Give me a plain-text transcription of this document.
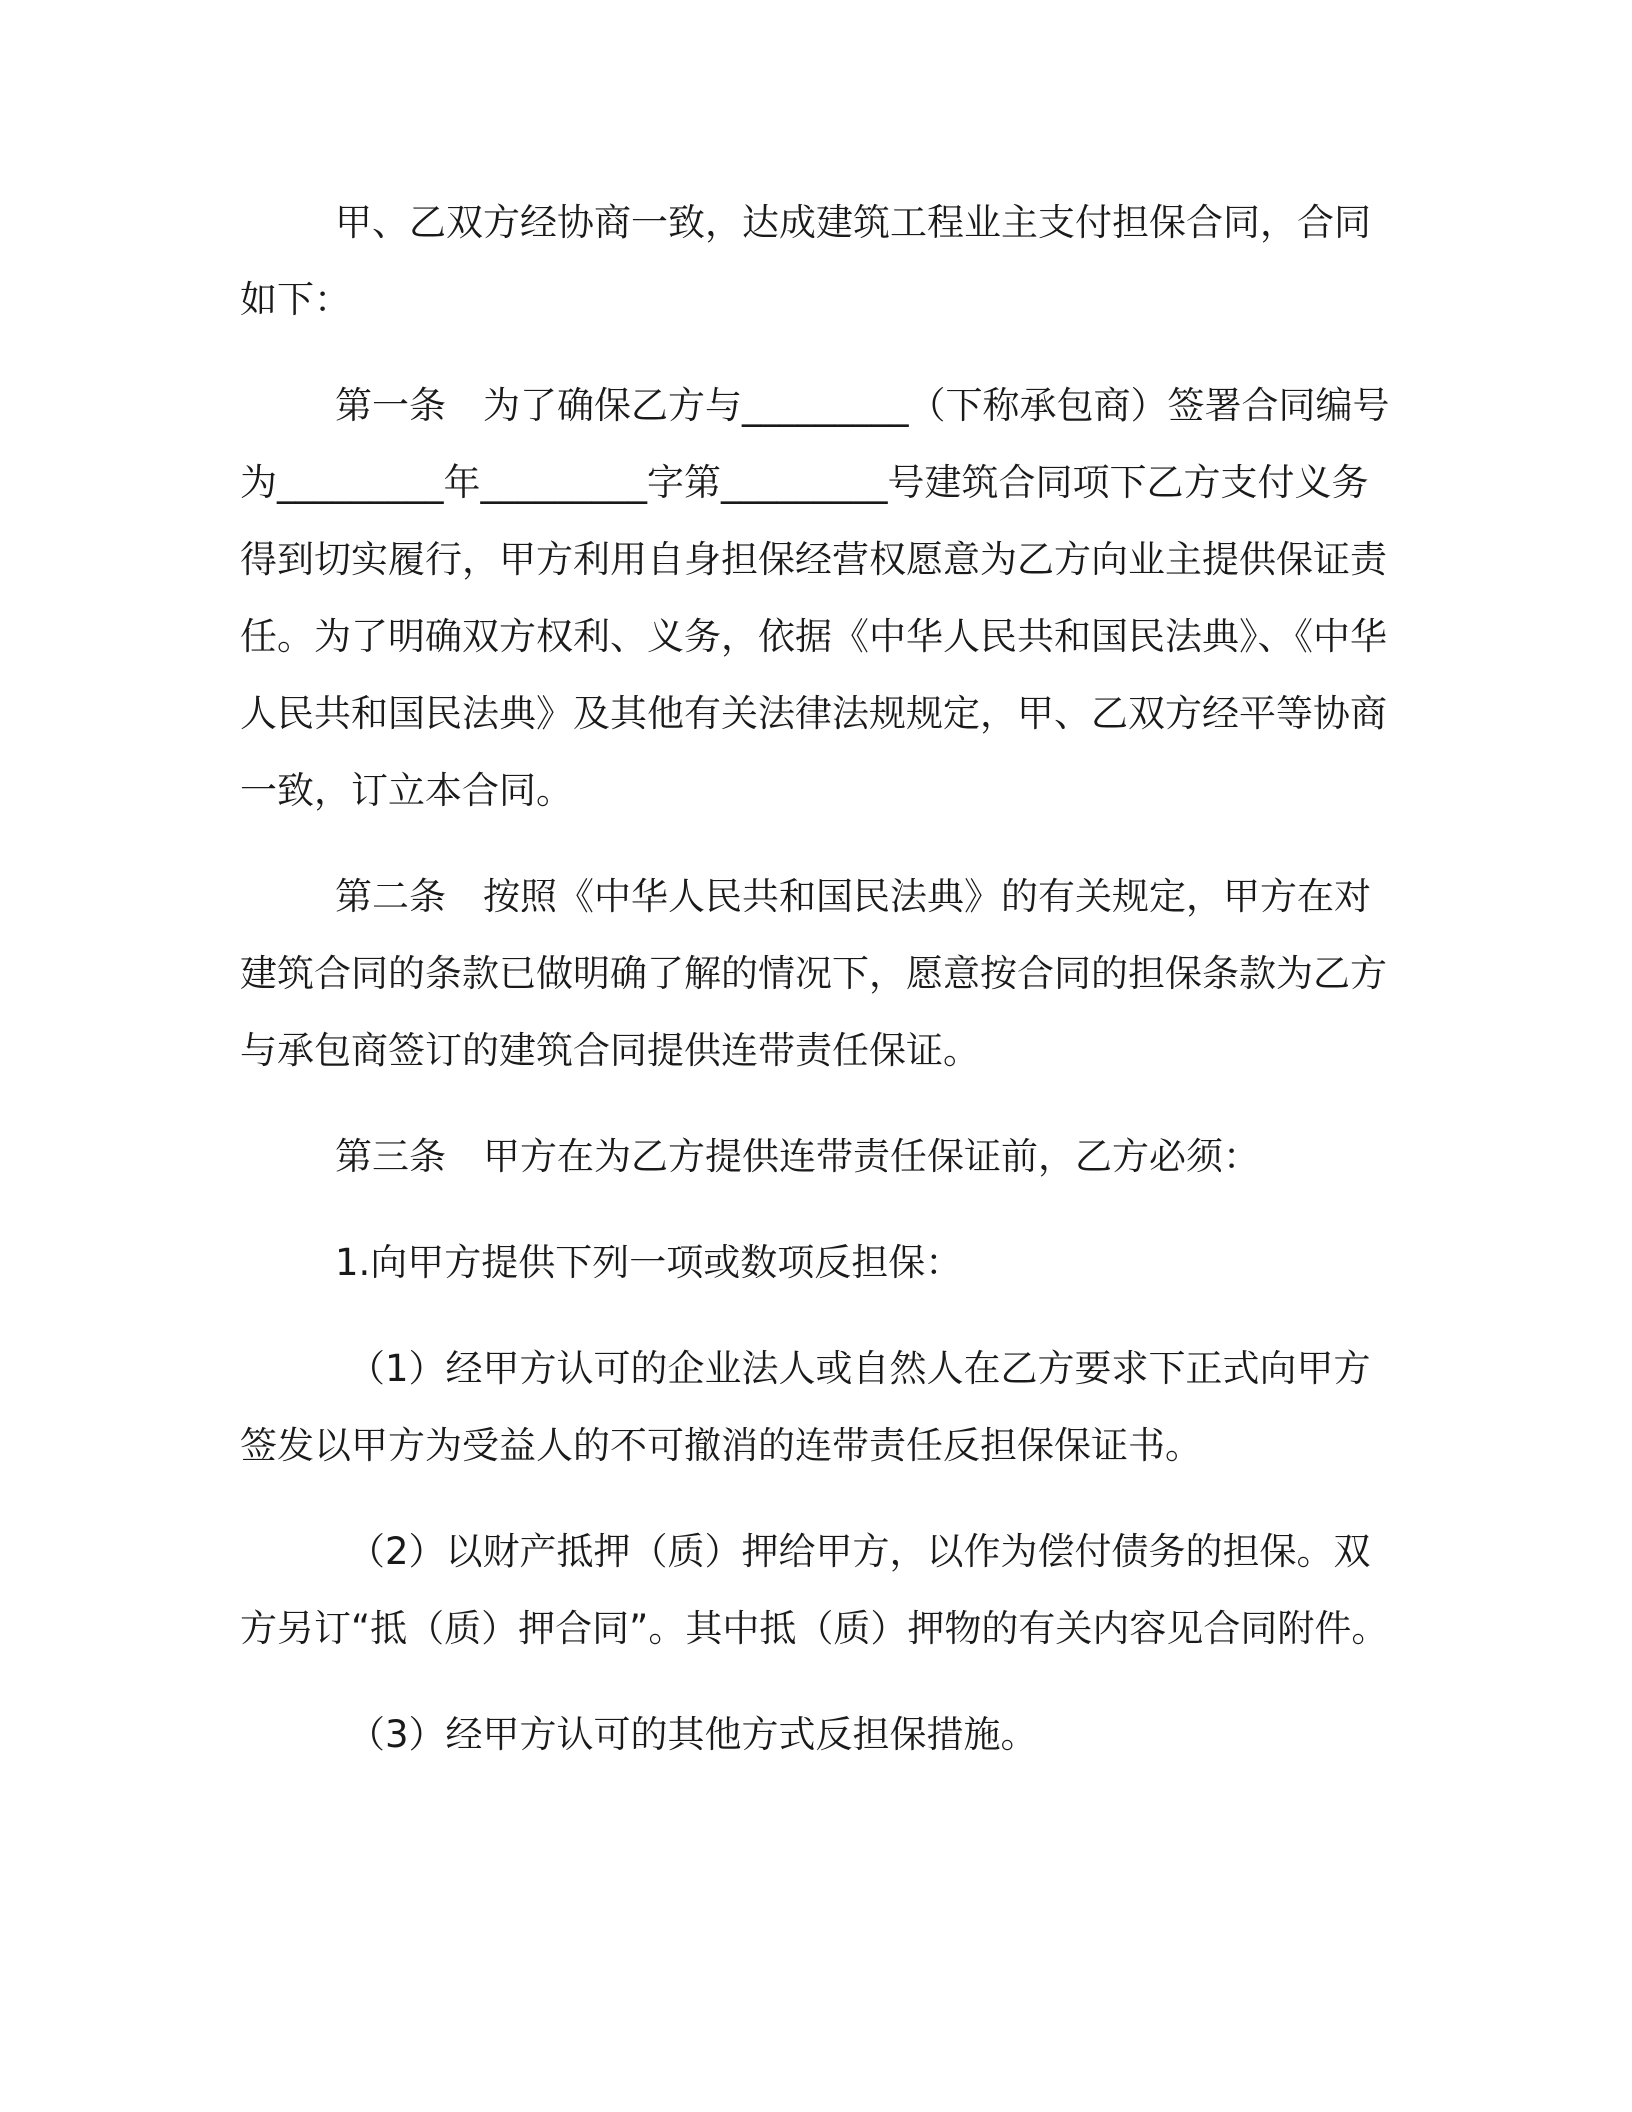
甲、乙双方经协商一致，达成建筑工程业主支付担保合同，合同如下：

第一条　为了确保乙方与_________（下称承包商）签署合同编号为_________年_________字第_________号建筑合同项下乙方支付义务得到切实履行，甲方利用自身担保经营权愿意为乙方向业主提供保证责任。为了明确双方权利、义务，依据《中华人民共和国民法典》、《中华人民共和国民法典》及其他有关法律法规规定，甲、乙双方经平等协商一致，订立本合同。

第二条　按照《中华人民共和国民法典》的有关规定，甲方在对建筑合同的条款已做明确了解的情况下，愿意按合同的担保条款为乙方与承包商签订的建筑合同提供连带责任保证。

第三条　甲方在为乙方提供连带责任保证前，乙方必须：

1.向甲方提供下列一项或数项反担保：

（1）经甲方认可的企业法人或自然人在乙方要求下正式向甲方签发以甲方为受益人的不可撤消的连带责任反担保保证书。

（2）以财产抵押（质）押给甲方，以作为偿付债务的担保。双方另订“抵（质）押合同”。其中抵（质）押物的有关内容见合同附件。

（3）经甲方认可的其他方式反担保措施。
